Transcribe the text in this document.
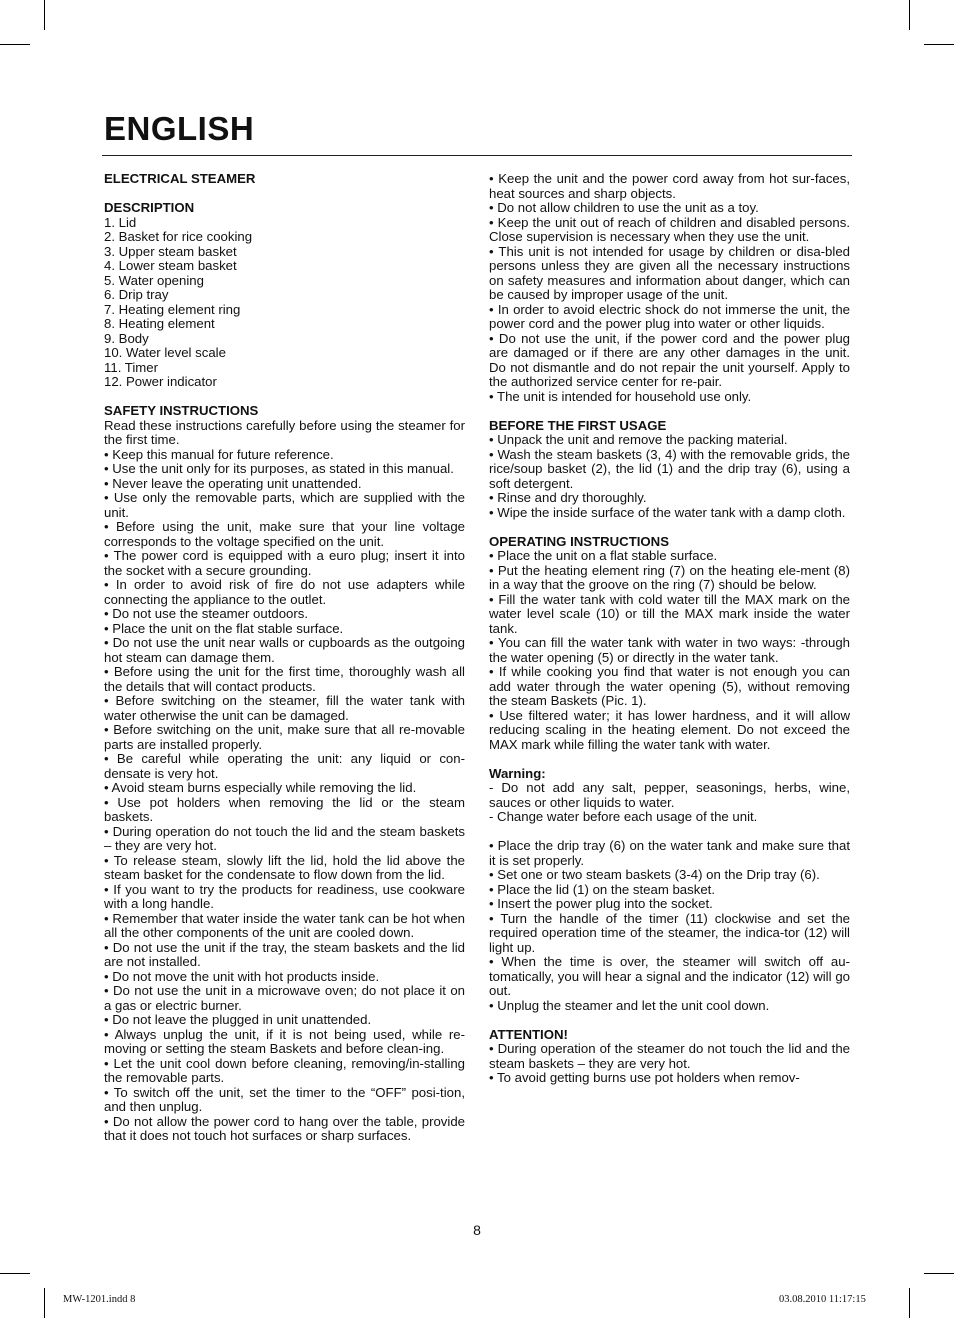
ENGLISH
ELECTRICAL STEAMER
DESCRIPTION

1. Lid

2. Basket for rice cooking

3. Upper steam basket

4. Lower steam basket

5. Water opening

6. Drip tray

7. Heating element ring

8. Heating element

9. Body

10. Water level scale

11. Timer

12. Power indicator

SAFETY INSTRUCTIONS

Read these instructions carefully before using the steamer for the first time.

• Keep this manual for future reference.

• Use the unit only for its purposes, as stated in this manual.

• Never leave the operating unit unattended.

• Use only the removable parts, which are supplied with the unit.

• Before using the unit, make sure that your line voltage corresponds to the voltage specified on the unit.

• The power cord is equipped with a euro plug; insert it into the socket with a secure grounding.

• In order to avoid risk of fire do not use adapters while connecting the appliance to the outlet.

• Do not use the steamer outdoors.

• Place the unit on the flat stable surface.

• Do not use the unit near walls or cupboards as the outgoing hot steam can damage them.

• Before using the unit for the first time, thoroughly wash all the details that will contact products.

• Before switching on the steamer, fill the water tank with water otherwise the unit can be damaged.

• Before switching on the unit, make sure that all re-movable parts are installed properly.

• Be careful while operating the unit: any liquid or con-densate is very hot.

• Avoid steam burns especially while removing the lid.

• Use pot holders when removing the lid or the steam baskets.

• During operation do not touch the lid and the steam baskets – they are very hot.

• To release steam, slowly lift the lid, hold the lid above the steam basket for the condensate to flow down from the lid.

• If you want to try the products for readiness, use cookware with a long handle.

• Remember that water inside the water tank can be hot when all the other components of the unit are cooled down.

• Do not use the unit if the tray, the steam baskets and the lid are not installed.

• Do not move the unit with hot products inside.

• Do not use the unit in a microwave oven; do not place it on a gas or electric burner.

• Do not leave the plugged in unit unattended.

• Always unplug the unit, if it is not being used, while re-moving or setting the steam Baskets and before clean-ing.

• Let the unit cool down before cleaning, removing/in-stalling the removable parts.

• To switch off the unit, set the timer to the “OFF” posi-tion, and then unplug.

• Do not allow the power cord to hang over the table, provide that it does not touch hot surfaces or sharp surfaces.

• Keep the unit and the power cord away from hot sur-faces, heat sources and sharp objects.

• Do not allow children to use the unit as a toy.

• Keep the unit out of reach of children and disabled persons. Close supervision is necessary when they use the unit.

• This unit is not intended for usage by children or disa-bled persons unless they are given all the necessary instructions on safety measures and information about danger, which can be caused by improper usage of the unit.

• In order to avoid electric shock do not immerse the unit, the power cord and the power plug into water or other liquids.

• Do not use the unit, if the power cord and the power plug are damaged or if there are any other damages in the unit. Do not dismantle and do not repair the unit yourself. Apply to the authorized service center for re-pair.

• The unit is intended for household use only.

BEFORE THE FIRST USAGE

• Unpack the unit and remove the packing material.

• Wash the steam baskets (3, 4) with the removable grids, the rice/soup basket (2), the lid (1) and the drip tray (6), using a soft detergent.

• Rinse and dry thoroughly.

• Wipe the inside surface of the water tank with a damp cloth.

OPERATING INSTRUCTIONS

• Place the unit on a flat stable surface.

• Put the heating element ring (7) on the heating ele-ment (8) in a way that the groove on the ring (7) should be below.

• Fill the water tank with cold water till the MAX mark on the water level scale (10) or till the MAX mark inside the water tank.

• You can fill the water tank with water in two ways: -through the water opening (5) or directly in the water tank.

• If while cooking you find that water is not enough you can add water through the water opening (5), without removing the steam Baskets (Pic. 1).

• Use filtered water; it has lower hardness, and it will allow reducing scaling in the heating element. Do not exceed the MAX mark while filling the water tank with water.

Warning:

- Do not add any salt, pepper, seasonings, herbs, wine, sauces or other liquids to water.

- Change water before each usage of the unit.

• Place the drip tray (6) on the water tank and make sure that it is set properly.

• Set one or two steam baskets (3-4) on the Drip tray (6).

• Place the lid (1) on the steam basket.

• Insert the power plug into the socket.

• Turn the handle of the timer (11) clockwise and set the required operation time of the steamer, the indica-tor (12) will light up.

• When the time is over, the steamer will switch off au-tomatically, you will hear a signal and the indicator (12) will go out.

• Unplug the steamer and let the unit cool down.

ATTENTION!

• During operation of the steamer do not touch the lid and the steam baskets – they are very hot.

• To avoid getting burns use pot holders when remov-

8
MW-1201.indd 8	03.08.2010 11:17:15
